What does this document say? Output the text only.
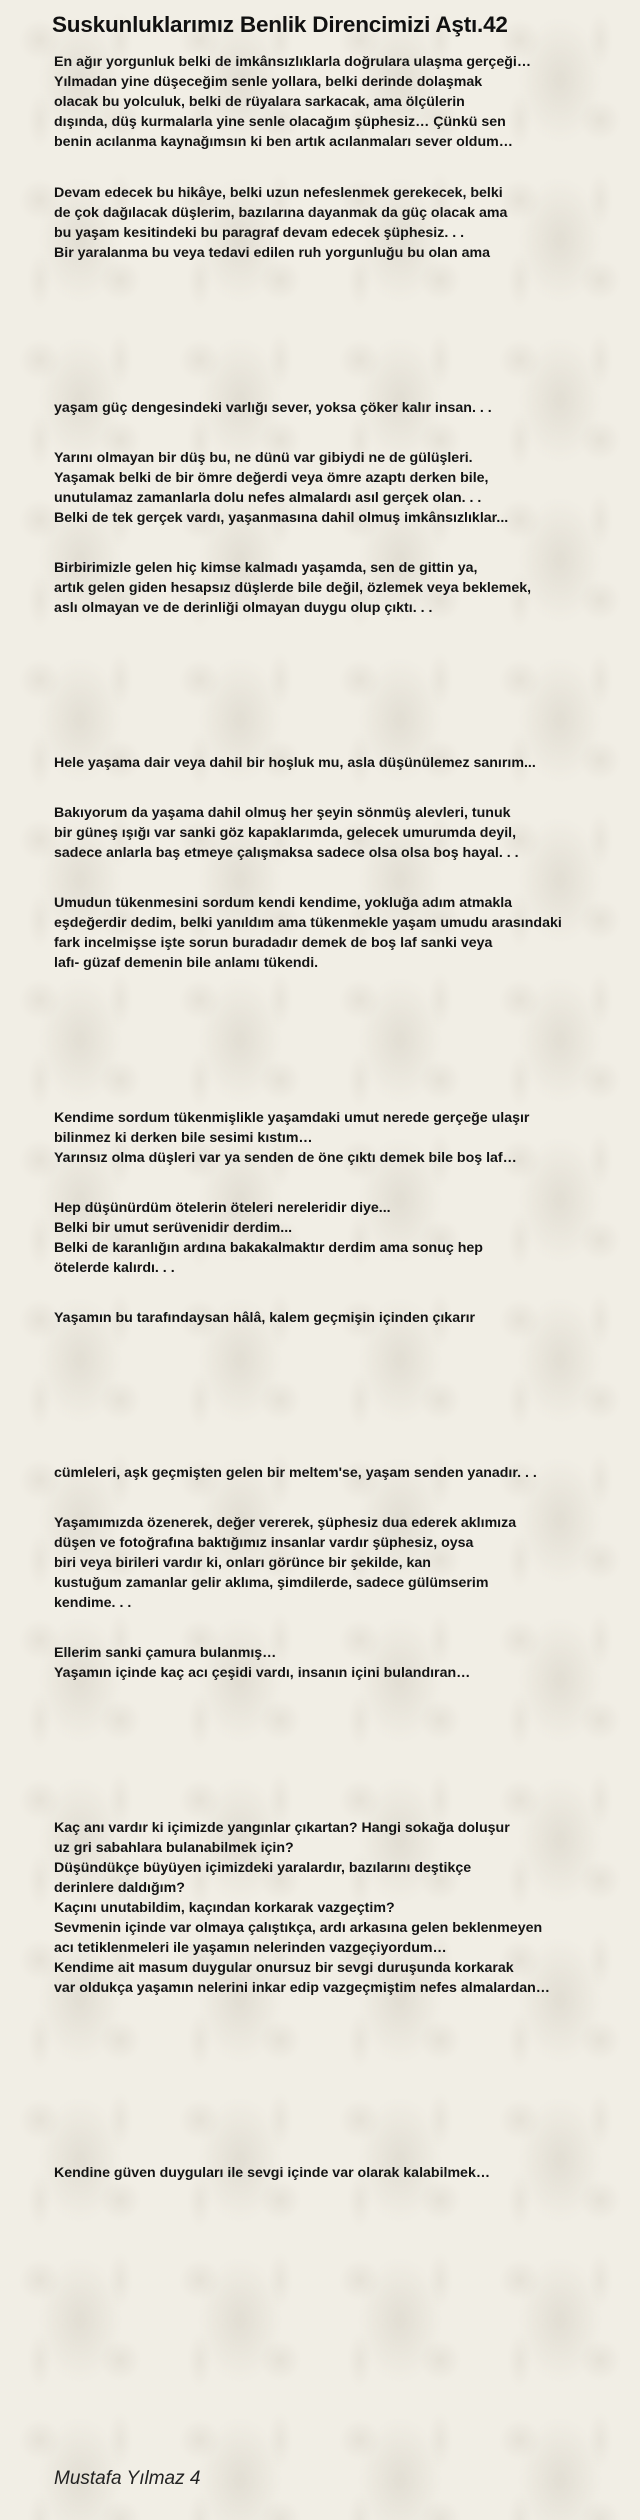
Suskunluklarımız Benlik Direncimizi Aştı.42
En ağır yorgunluk belki de imkânsızlıklarla doğrulara ulaşma gerçeği…
Yılmadan yine düşeceğim senle yollara, belki derinde dolaşmak
olacak bu yolculuk, belki de rüyalara sarkacak, ama ölçülerin
dışında, düş kurmalarla yine senle olacağım şüphesiz… Çünkü sen
benin acılanma kaynağımsın ki ben artık acılanmaları sever oldum…
Devam edecek bu hikâye, belki uzun nefeslenmek gerekecek, belki
de çok dağılacak düşlerim, bazılarına dayanmak da güç olacak ama
bu yaşam kesitindeki bu paragraf devam edecek şüphesiz. . .
Bir yaralanma bu veya tedavi edilen ruh yorgunluğu bu olan ama
yaşam güç dengesindeki varlığı sever, yoksa çöker kalır insan. . .
Yarını olmayan bir düş bu, ne dünü var gibiydi ne de gülüşleri.
Yaşamak belki de bir ömre değerdi veya ömre azaptı derken bile,
unutulamaz zamanlarla dolu nefes almalardı asıl gerçek olan. . .
Belki de tek gerçek vardı, yaşanmasına dahil olmuş imkânsızlıklar...
Birbirimizle gelen hiç kimse kalmadı yaşamda, sen de gittin ya,
artık gelen giden hesapsız düşlerde bile değil, özlemek veya beklemek,
aslı olmayan ve de derinliği olmayan duygu olup çıktı. . .
Hele yaşama dair veya dahil bir hoşluk mu, asla düşünülemez sanırım...
Bakıyorum da yaşama dahil olmuş her şeyin sönmüş alevleri, tunuk
bir güneş ışığı var sanki göz kapaklarımda, gelecek umurumda deyil,
sadece anlarla baş etmeye çalışmaksa sadece olsa olsa boş hayal. . .
Umudun tükenmesini sordum kendi kendime, yokluğa adım atmakla
eşdeğerdir dedim, belki yanıldım ama tükenmekle yaşam umudu arasındaki
fark incelmişse işte sorun buradadır demek de boş laf sanki veya
lafı- güzaf demenin bile anlamı tükendi.
Kendime sordum tükenmişlikle yaşamdaki umut nerede gerçeğe ulaşır
bilinmez ki derken bile sesimi kıstım…
Yarınsız olma düşleri var ya senden de öne çıktı demek bile boş laf…
Hep düşünürdüm ötelerin öteleri nereleridir diye...
Belki bir umut serüvenidir derdim...
Belki de karanlığın ardına bakakalmaktır derdim ama sonuç hep
ötelerde kalırdı. . .
Yaşamın bu tarafındaysan hâlâ, kalem geçmişin içinden çıkarır
cümleleri, aşk geçmişten gelen bir meltem'se, yaşam senden yanadır. . .
Yaşamımızda özenerek, değer vererek, şüphesiz dua ederek aklımıza
düşen ve fotoğrafına baktığımız insanlar vardır şüphesiz, oysa
biri veya birileri vardır ki, onları görünce bir şekilde, kan
kustuğum zamanlar gelir aklıma, şimdilerde, sadece gülümserim
kendime. . .
Ellerim sanki çamura bulanmış…
Yaşamın içinde kaç acı çeşidi vardı, insanın içini bulandıran…
Kaç anı vardır ki içimizde yangınlar çıkartan? Hangi sokağa doluşur
uz gri sabahlara bulanabilmek için?
Düşündükçe büyüyen içimizdeki yaralardır, bazılarını deştikçe
derinlere daldığım?
Kaçını unutabildim, kaçından korkarak vazgeçtim?
Sevmenin içinde var olmaya çalıştıkça, ardı arkasına gelen beklenmeyen
acı tetiklenmeleri ile yaşamın nelerinden vazgeçiyordum…
Kendime ait masum duygular onursuz bir sevgi duruşunda korkarak
var oldukça yaşamın nelerini inkar edip vazgeçmiştim nefes almalardan…
Kendine güven duyguları ile sevgi içinde var olarak kalabilmek…
Mustafa Yılmaz 4
